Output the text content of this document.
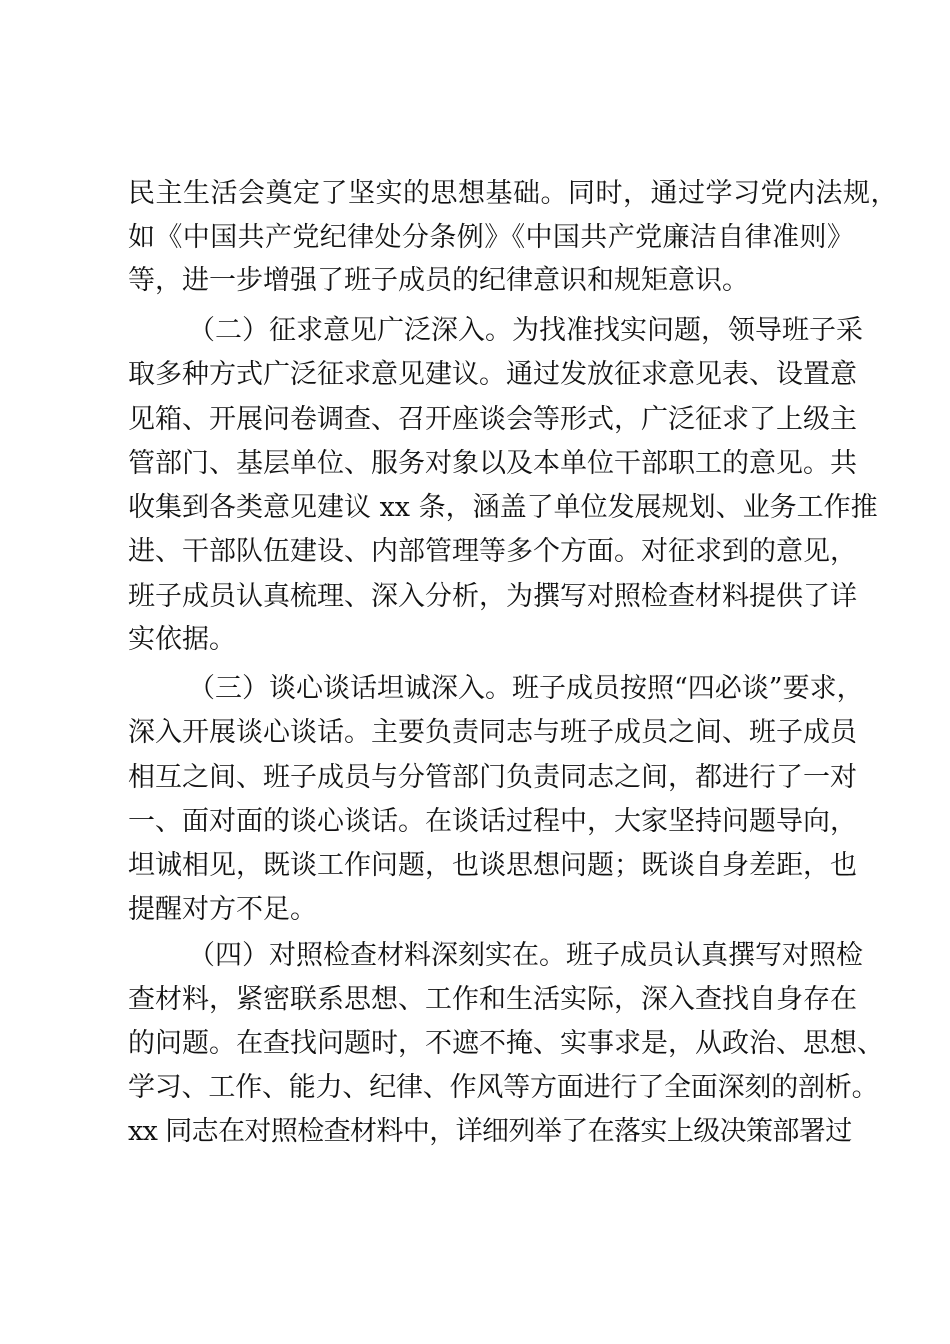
民主生活会奠定了坚实的思想基础。同时，通过学习党内法规，
如《中国共产党纪律处分条例》《中国共产党廉洁自律准则》
等，进一步增强了班子成员的纪律意识和规矩意识。
（二）征求意见广泛深入。为找准找实问题，领导班子采
取多种方式广泛征求意见建议。通过发放征求意见表、设置意
见箱、开展问卷调查、召开座谈会等形式，广泛征求了上级主
管部门、基层单位、服务对象以及本单位干部职工的意见。共
收集到各类意见建议 xx 条，涵盖了单位发展规划、业务工作推
进、干部队伍建设、内部管理等多个方面。对征求到的意见，
班子成员认真梳理、深入分析，为撰写对照检查材料提供了详
实依据。
（三）谈心谈话坦诚深入。班子成员按照“四必谈”要求，
深入开展谈心谈话。主要负责同志与班子成员之间、班子成员
相互之间、班子成员与分管部门负责同志之间，都进行了一对
一、面对面的谈心谈话。在谈话过程中，大家坚持问题导向，
坦诚相见，既谈工作问题，也谈思想问题；既谈自身差距，也
提醒对方不足。
（四）对照检查材料深刻实在。班子成员认真撰写对照检
查材料，紧密联系思想、工作和生活实际，深入查找自身存在
的问题。在查找问题时，不遮不掩、实事求是，从政治、思想、
学习、工作、能力、纪律、作风等方面进行了全面深刻的剖析。
xx 同志在对照检查材料中，详细列举了在落实上级决策部署过
